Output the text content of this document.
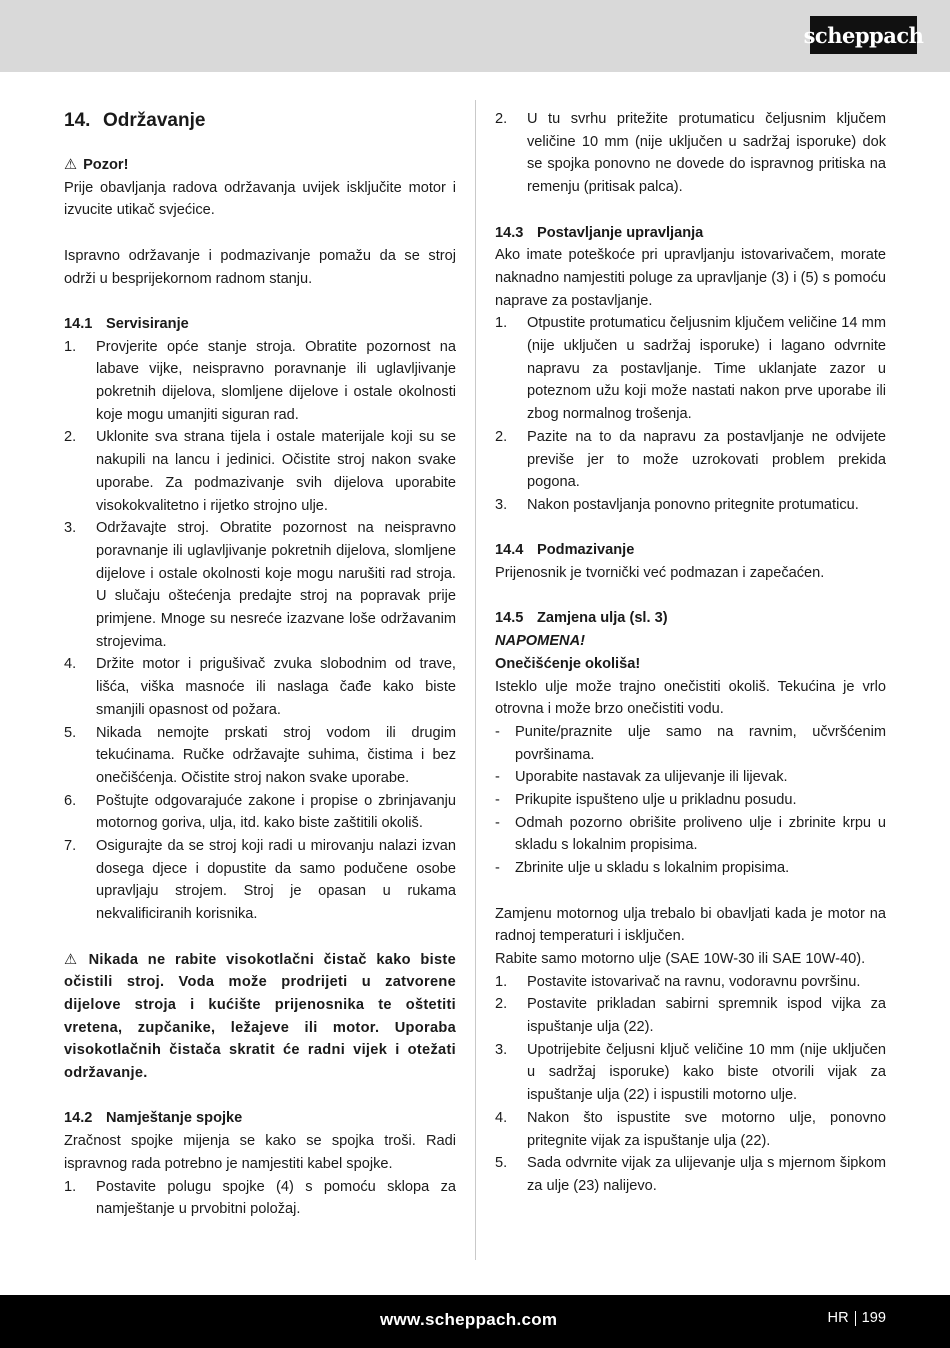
scheppach
14. Održavanje
⚠ Pozor!

Prije obavljanja radova održavanja uvijek isključite motor i izvucite utikač svjećice.

Ispravno održavanje i podmazivanje pomažu da se stroj održi u besprijekornom radnom stanju.

14.1 Servisiranje
1.	Provjerite opće stanje stroja. Obratite pozornost na labave vijke, neispravno poravnanje ili uglavljivanje pokretnih dijelova, slomljene dijelove i ostale okolnosti koje mogu umanjiti siguran rad.
2.	Uklonite sva strana tijela i ostale materijale koji su se nakupili na lancu i jedinici. Očistite stroj nakon svake uporabe. Za podmazivanje svih dijelova uporabite visokokvalitetno i rijetko strojno ulje.
3.	Održavajte stroj. Obratite pozornost na neispravno poravnanje ili uglavljivanje pokretnih dijelova, slomljene dijelove i ostale okolnosti koje mogu narušiti rad stroja. U slučaju oštećenja predajte stroj na popravak prije primjene. Mnoge su nesreće izazvane loše održavanim strojevima.
4.	Držite motor i prigušivač zvuka slobodnim od trave, lišća, viška masnoće ili naslaga čađe kako biste smanjili opasnost od požara.
5.	Nikada nemojte prskati stroj vodom ili drugim tekućinama. Ručke održavajte suhima, čistima i bez onečišćenja. Očistite stroj nakon svake uporabe.
6.	Poštujte odgovarajuće zakone i propise o zbrinjavanju motornog goriva, ulja, itd. kako biste zaštitili okoliš.
7.	Osigurajte da se stroj koji radi u mirovanju nalazi izvan dosega djece i dopustite da samo podučene osobe upravljaju strojem. Stroj je opasan u rukama nekvalificiranih korisnika.

⚠ Nikada ne rabite visokotlačni čistač kako biste očistili stroj. Voda može prodrijeti u zatvorene dijelove stroja i kućište prijenosnika te oštetiti vretena, zupčanike, ležajeve ili motor. Uporaba visokotlačnih čistača skratit će radni vijek i otežati održavanje.

14.2 Namještanje spojke

Zračnost spojke mijenja se kako se spojka troši. Radi ispravnog rada potrebno je namjestiti kabel spojke.

1.	Postavite polugu spojke (4) s pomoću sklopa za namještanje u prvobitni položaj.
2.	U tu svrhu pritežite protumaticu čeljusnim ključem veličine 10 mm (nije uključen u sadržaj isporuke) dok se spojka ponovno ne dovede do ispravnog pritiska na remenju (pritisak palca).
14.3 Postavljanje upravljanja

Ako imate poteškoće pri upravljanju istovarivačem, morate naknadno namjestiti poluge za upravljanje (3) i (5) s pomoću naprave za postavljanje.

1.	Otpustite protumaticu čeljusnim ključem veličine 14 mm (nije uključen u sadržaj isporuke) i lagano odvrnite napravu za postavljanje. Time uklanjate zazor u poteznom užu koji može nastati nakon prve uporabe ili zbog normalnog trošenja.
2.	Pazite na to da napravu za postavljanje ne odvijete previše jer to može uzrokovati problem prekida pogona.
3.	Nakon postavljanja ponovno pritegnite protumaticu.
14.4 Podmazivanje

Prijenosnik je tvornički već podmazan i zapečaćen.

14.5 Zamjena ulja (sl. 3)
NAPOMENA!
Onečišćenje okoliša!

Isteklo ulje može trajno onečistiti okoliš. Tekućina je vrlo otrovna i može brzo onečistiti vodu.

-	Punite/praznite ulje samo na ravnim, učvršćenim površinama.
-	Uporabite nastavak za ulijevanje ili lijevak.
-	Prikupite ispušteno ulje u prikladnu posudu.
-	Odmah pozorno obrišite proliveno ulje i zbrinite krpu u skladu s lokalnim propisima.
-	Zbrinite ulje u skladu s lokalnim propisima.

Zamjenu motornog ulja trebalo bi obavljati kada je motor na radnoj temperaturi i isključen.

Rabite samo motorno ulje (SAE 10W-30 ili SAE 10W-40).

1.	Postavite istovarivač na ravnu, vodoravnu površinu.
2.	Postavite prikladan sabirni spremnik ispod vijka za ispuštanje ulja (22).
3.	Upotrijebite čeljusni ključ veličine 10 mm (nije uključen u sadržaj isporuke) kako biste otvorili vijak za ispuštanje ulja (22) i ispustili motorno ulje.
4.	Nakon što ispustite sve motorno ulje, ponovno pritegnite vijak za ispuštanje ulja (22).
5.	Sada odvrnite vijak za ulijevanje ulja s mjernom šipkom za ulje (23) nalijevo.
www.scheppach.com	HR 199
